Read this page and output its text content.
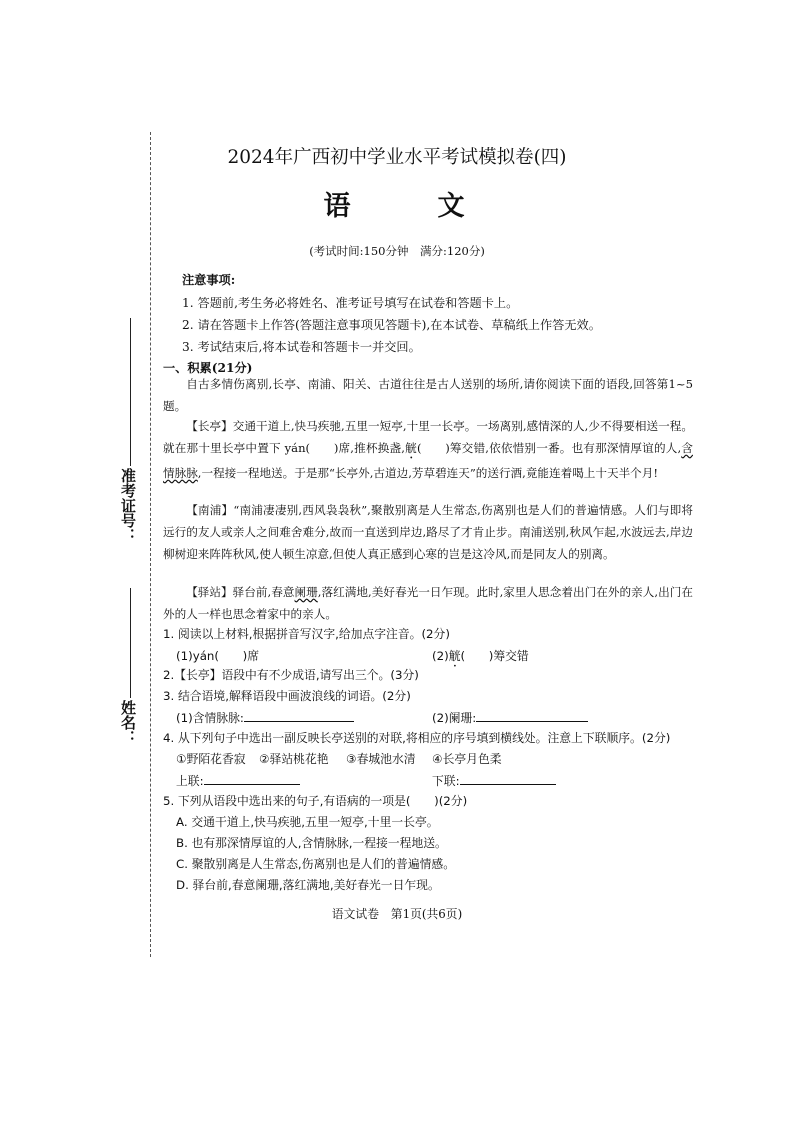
准考证号：
姓名：
2024年广西初中学业水平考试模拟卷(四)
语　文
(考试时间:150分钟　满分:120分)
注意事项:
1. 答题前,考生务必将姓名、准考证号填写在试卷和答题卡上。
2. 请在答题卡上作答(答题注意事项见答题卡),在本试卷、草稿纸上作答无效。
3. 考试结束后,将本试卷和答题卡一并交回。
一、积累(21分)

自古多情伤离别,长亭、南浦、阳关、古道往往是古人送别的场所,请你阅读下面的语段,回答第1~5题。

【长亭】交通干道上,快马疾驰,五里一短亭,十里一长亭。一场离别,感情深的人,少不得要相送一程。就在那十里长亭中置下 yán(　　)席,推杯换盏,觥(　　)筹交错,依依惜别一番。也有那深情厚谊的人,含情脉脉,一程接一程地送。于是那“长亭外,古道边,芳草碧连天”的送行酒,竟能连着喝上十天半个月!

【南浦】“南浦凄凄别,西风袅袅秋”,聚散别离是人生常态,伤离别也是人们的普遍情感。人们与即将远行的友人或亲人之间难舍难分,故而一直送到岸边,路尽了才肯止步。南浦送别,秋风乍起,水波远去,岸边柳树迎来阵阵秋风,使人顿生凉意,但使人真正感到心寒的岂是这冷风,而是同友人的别离。

【驿站】驿台前,春意阑珊,落红满地,美好春光一日乍现。此时,家里人思念着出门在外的亲人,出门在外的人一样也思念着家中的亲人。

1. 阅读以上材料,根据拼音写汉字,给加点字注音。(2分)
(1)yán(　　)席	(2)觥(　　)筹交错
2.【长亭】语段中有不少成语,请写出三个。(3分)
3. 结合语境,解释语段中画波浪线的词语。(2分)
(1)含情脉脉:	(2)阑珊:
4. 从下列句子中选出一副反映长亭送别的对联,将相应的序号填到横线处。注意上下联顺序。(2分)
①野陌花香寂 ②驿站桃花艳 ③春城池水清 ④长亭月色柔
上联:	下联:
5. 下列从语段中选出来的句子,有语病的一项是(　　)(2分)
A. 交通干道上,快马疾驰,五里一短亭,十里一长亭。
B. 也有那深情厚谊的人,含情脉脉,一程接一程地送。
C. 聚散别离是人生常态,伤离别也是人们的普遍情感。
D. 驿台前,春意阑珊,落红满地,美好春光一日乍现。
语文试卷　第1页(共6页)
